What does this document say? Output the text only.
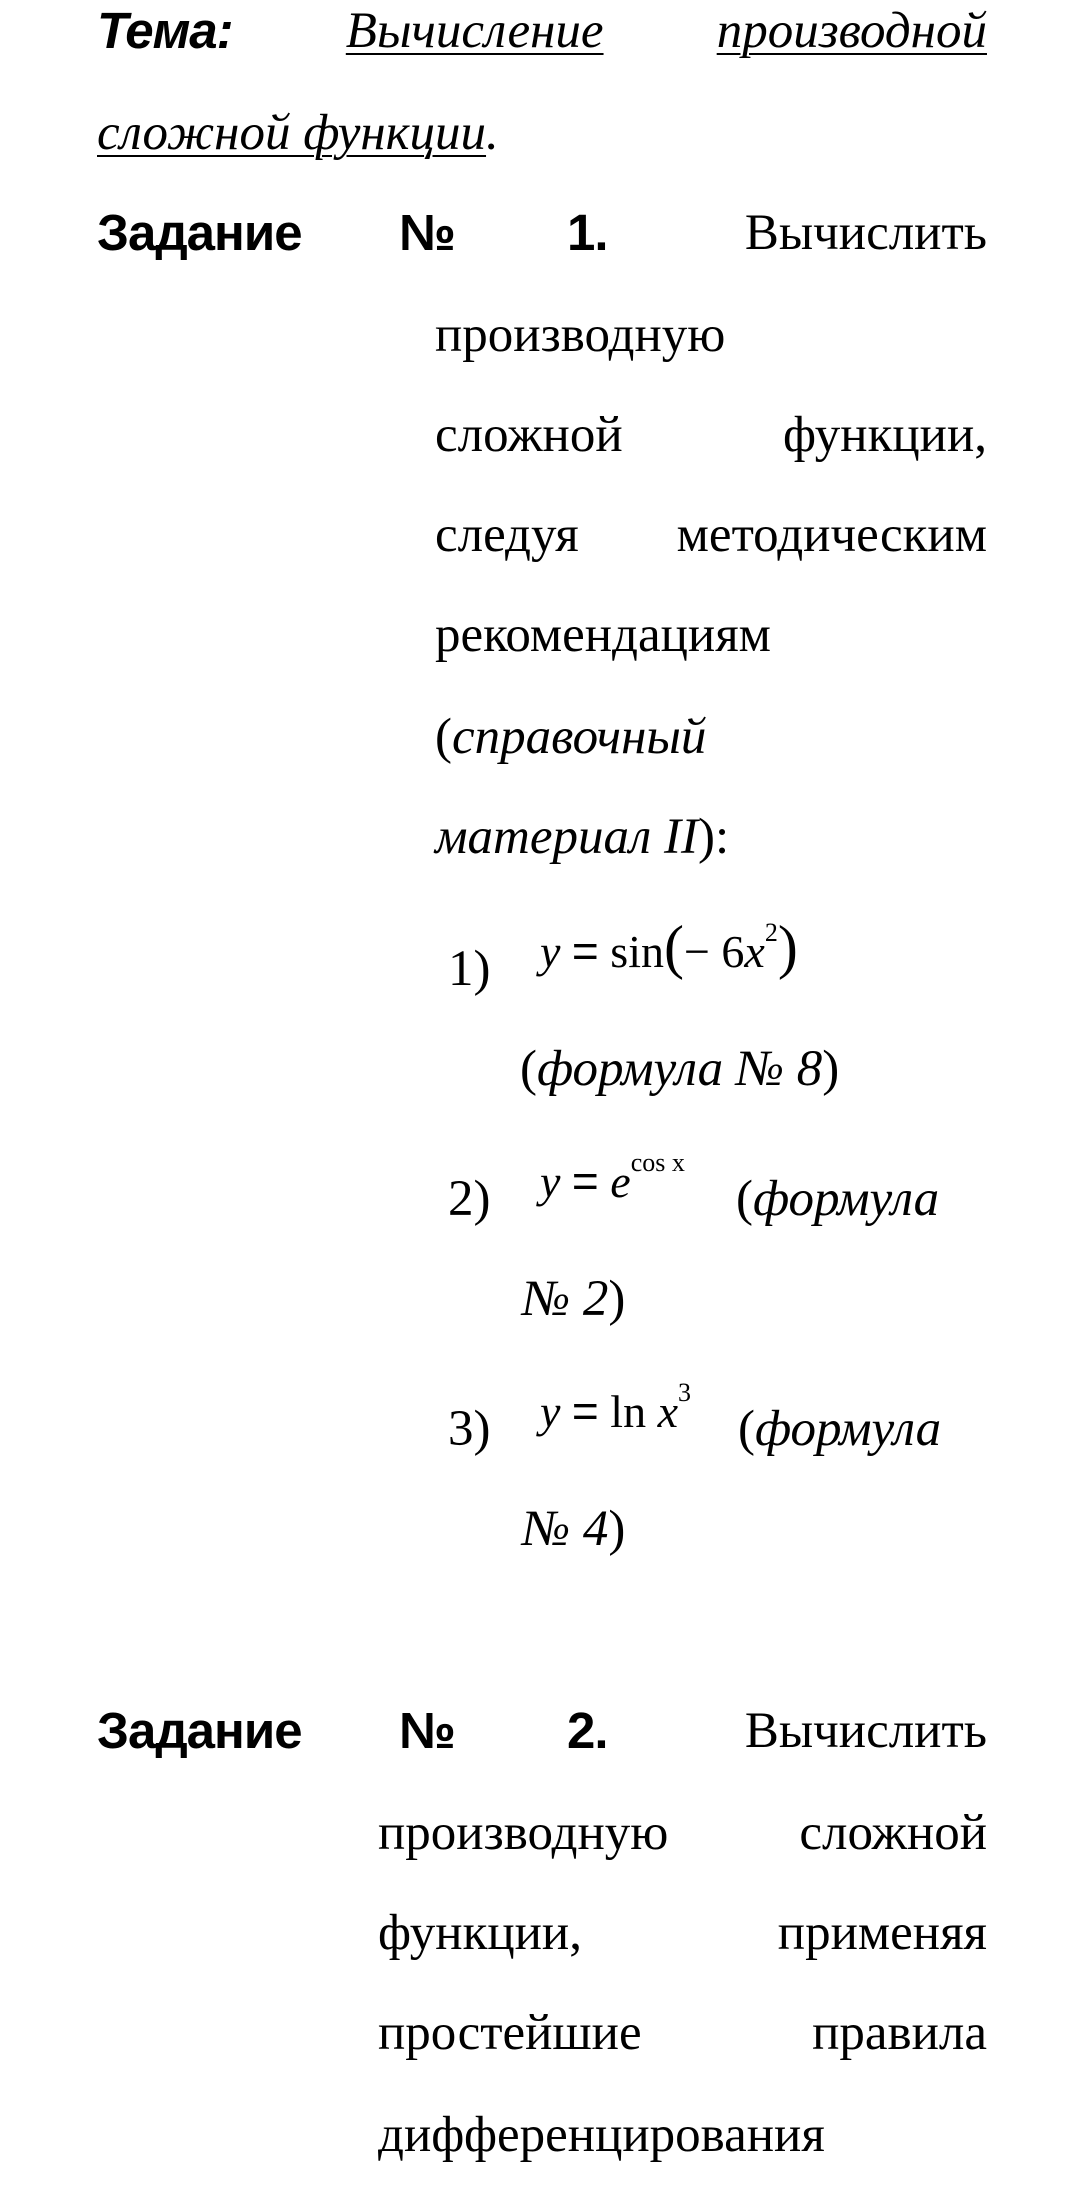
Тема: Вычисление производной
сложной функции.
Задание № 1.	Вычислить
производную
сложной	функции,
следуя методическим
рекомендациям
(справочный
материал II):
1) $y = \sin(- 6x^2)$
(формула № 8)
2) $y = e^{cos x}$
(формула
№ 2)
3) $y = \ln x^3$
(формула
№ 4)
Задание № 2.	Вычислить
производную	сложной
функции,	применяя
простейшие	правила
дифференцирования
